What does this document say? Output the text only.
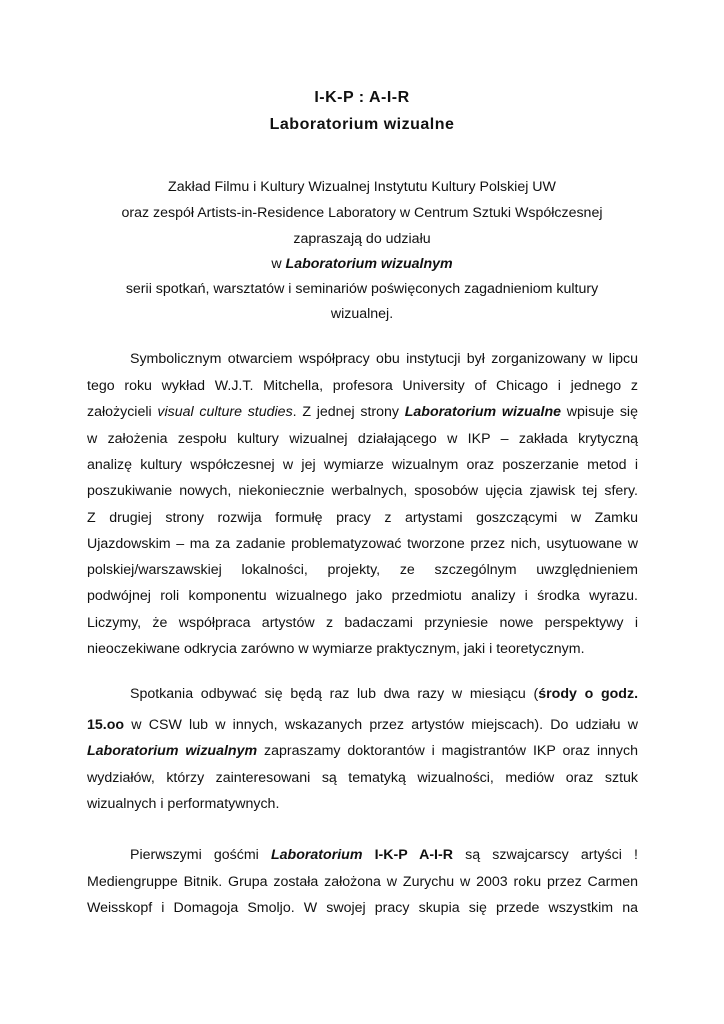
I-K-P : A-I-R

Laboratorium wizualne

Zakład Filmu i Kultury Wizualnej Instytutu Kultury Polskiej UW

oraz zespół Artists-in-Residence Laboratory w Centrum Sztuki Współczesnej

zapraszają do udziału

w Laboratorium wizualnym

serii spotkań, warsztatów i seminariów poświęconych zagadnieniom kultury

wizualnej.

Symbolicznym otwarciem współpracy obu instytucji był zorganizowany w lipcu

tego roku wykład W.J.T. Mitchella, profesora University of Chicago i jednego z

założycieli visual culture studies. Z jednej strony Laboratorium wizualne wpisuje się

w założenia zespołu kultury wizualnej działającego w IKP – zakłada krytyczną

analizę kultury współczesnej w jej wymiarze wizualnym oraz poszerzanie metod i

poszukiwanie nowych, niekoniecznie werbalnych, sposobów ujęcia zjawisk tej sfery.

Z drugiej strony rozwija formułę pracy z artystami goszczącymi w Zamku

Ujazdowskim – ma za zadanie problematyzować tworzone przez nich, usytuowane w

polskiej/warszawskiej lokalności, projekty, ze szczególnym uwzględnieniem

podwójnej roli komponentu wizualnego jako przedmiotu analizy i środka wyrazu.

Liczymy, że współpraca artystów z badaczami przyniesie nowe perspektywy i

nieoczekiwane odkrycia zarówno w wymiarze praktycznym, jaki i teoretycznym.

Spotkania odbywać się będą raz lub dwa razy w miesiącu (środy o godz.

15.oo w CSW lub w innych, wskazanych przez artystów miejscach). Do udziału w

Laboratorium wizualnym zapraszamy doktorantów i magistrantów IKP oraz innych

wydziałów, którzy zainteresowani są tematyką wizualności, mediów oraz sztuk

wizualnych i performatywnych.

Pierwszymi gośćmi Laboratorium I-K-P A-I-R są szwajcarscy artyści !

Mediengruppe Bitnik. Grupa została założona w Zurychu w 2003 roku przez Carmen

Weisskopf i Domagoja Smoljo. W swojej pracy skupia się przede wszystkim na
